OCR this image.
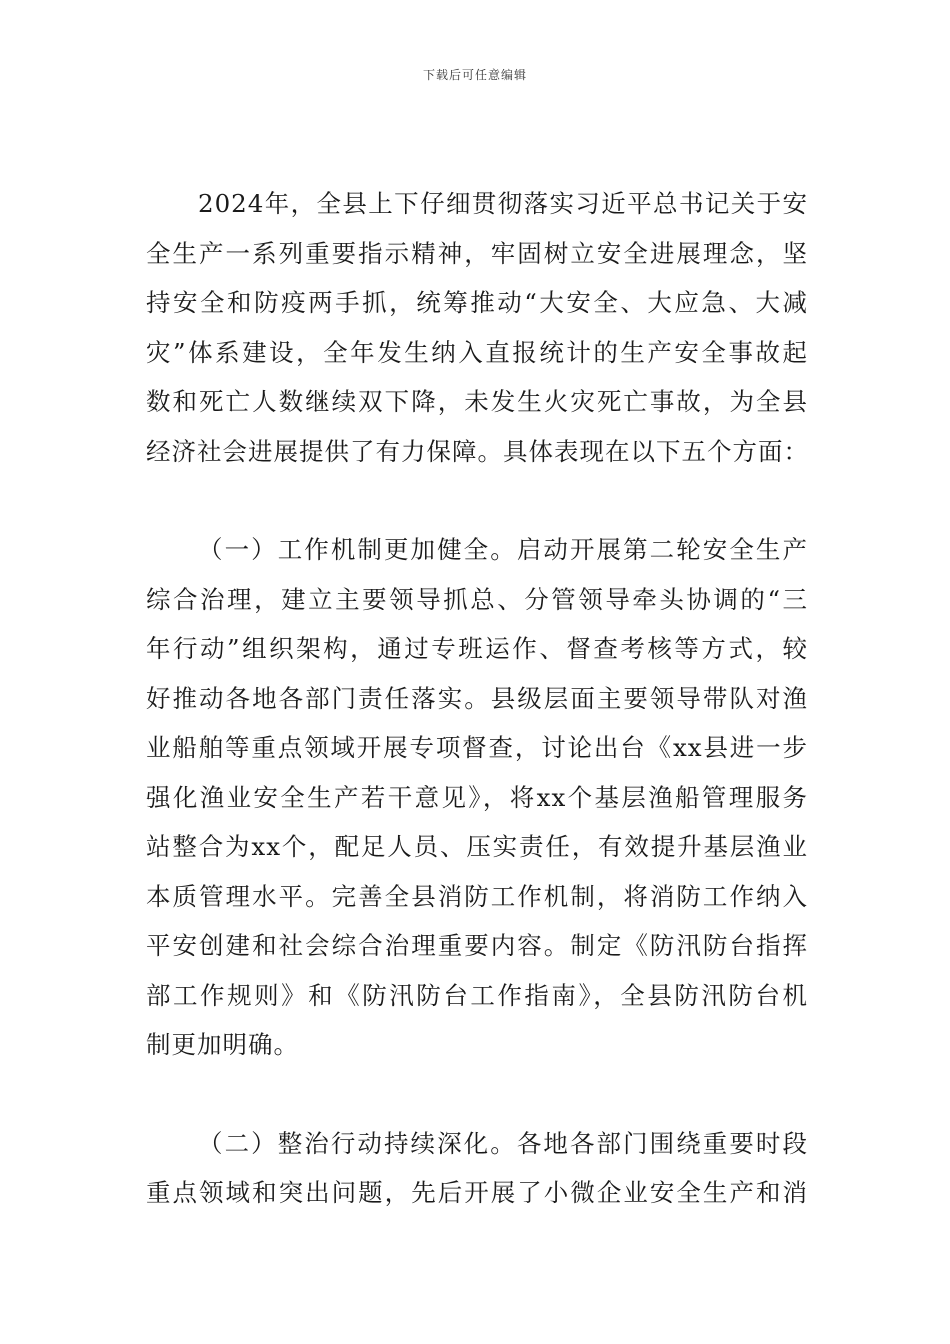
下载后可任意编辑

2024年，全县上下仔细贯彻落实习近平总书记关于安
全生产一系列重要指示精神，牢固树立安全进展理念，坚
持安全和防疫两手抓，统筹推动“大安全、大应急、大减
灾”体系建设，全年发生纳入直报统计的生产安全事故起
数和死亡人数继续双下降，未发生火灾死亡事故，为全县
经济社会进展提供了有力保障。具体表现在以下五个方面：

（一）工作机制更加健全。启动开展第二轮安全生产
综合治理，建立主要领导抓总、分管领导牵头协调的“三
年行动”组织架构，通过专班运作、督查考核等方式，较
好推动各地各部门责任落实。县级层面主要领导带队对渔
业船舶等重点领域开展专项督查，讨论出台《xx县进一步
强化渔业安全生产若干意见》，将xx个基层渔船管理服务
站整合为xx个，配足人员、压实责任，有效提升基层渔业
本质管理水平。完善全县消防工作机制，将消防工作纳入
平安创建和社会综合治理重要内容。制定《防汛防台指挥
部工作规则》和《防汛防台工作指南》，全县防汛防台机
制更加明确。

（二）整治行动持续深化。各地各部门围绕重要时段
重点领域和突出问题，先后开展了小微企业安全生产和消
